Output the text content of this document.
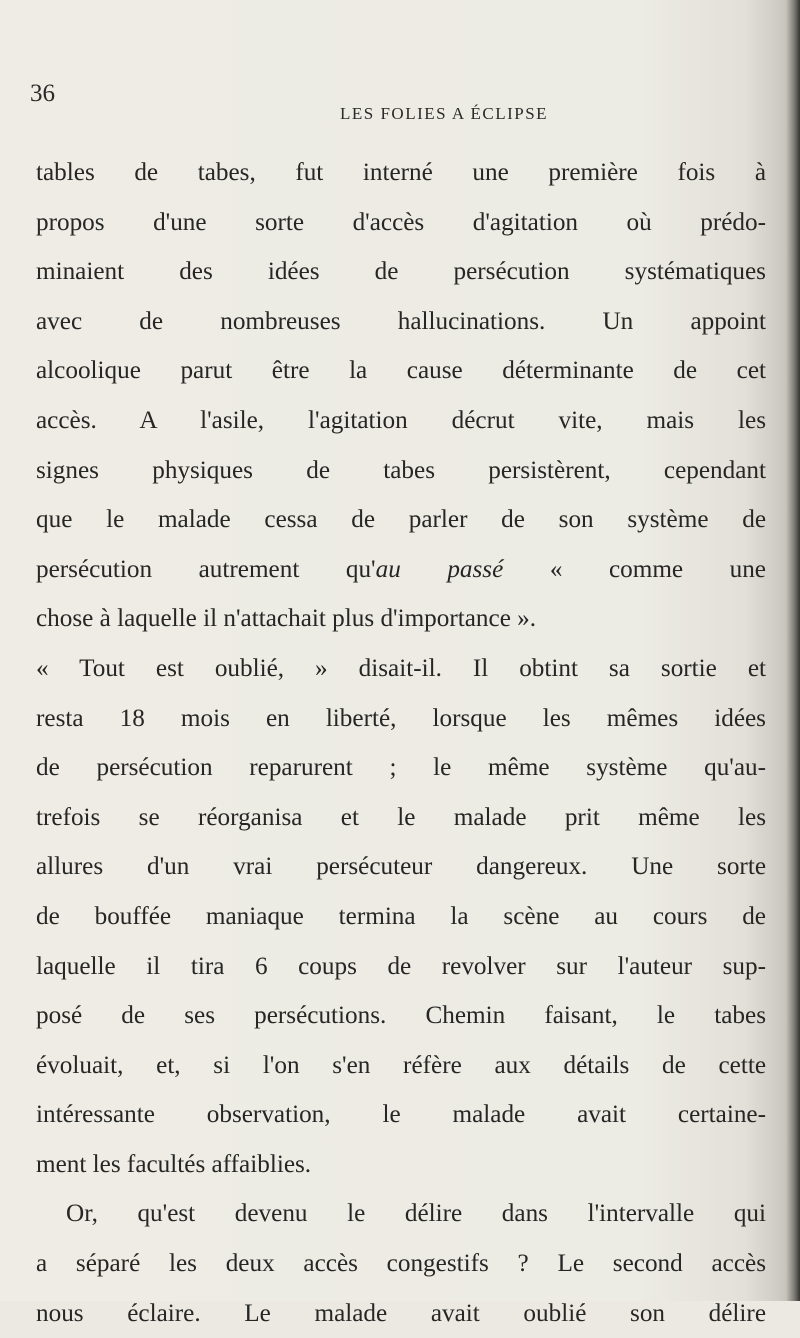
36
LES FOLIES A ÉCLIPSE
tables de tabes, fut interné une première fois à
propos d'une sorte d'accès d'agitation où prédo-
minaient des idées de persécution systématiques
avec de nombreuses hallucinations. Un appoint
alcoolique parut être la cause déterminante de cet
accès. A l'asile, l'agitation décrut vite, mais les
signes physiques de tabes persistèrent, cependant
que le malade cessa de parler de son système de
persécution autrement qu'au passé « comme une
chose à laquelle il n'attachait plus d'importance ».
« Tout est oublié, » disait-il. Il obtint sa sortie et
resta 18 mois en liberté, lorsque les mêmes idées
de persécution reparurent ; le même système qu'au-
trefois se réorganisa et le malade prit même les
allures d'un vrai persécuteur dangereux. Une sorte
de bouffée maniaque termina la scène au cours de
laquelle il tira 6 coups de revolver sur l'auteur sup-
posé de ses persécutions. Chemin faisant, le tabes
évoluait, et, si l'on s'en réfère aux détails de cette
intéressante observation, le malade avait certaine-
ment les facultés affaiblies.
Or, qu'est devenu le délire dans l'intervalle qui
a séparé les deux accès congestifs ? Le second accès
nous éclaire. Le malade avait oublié son délire
